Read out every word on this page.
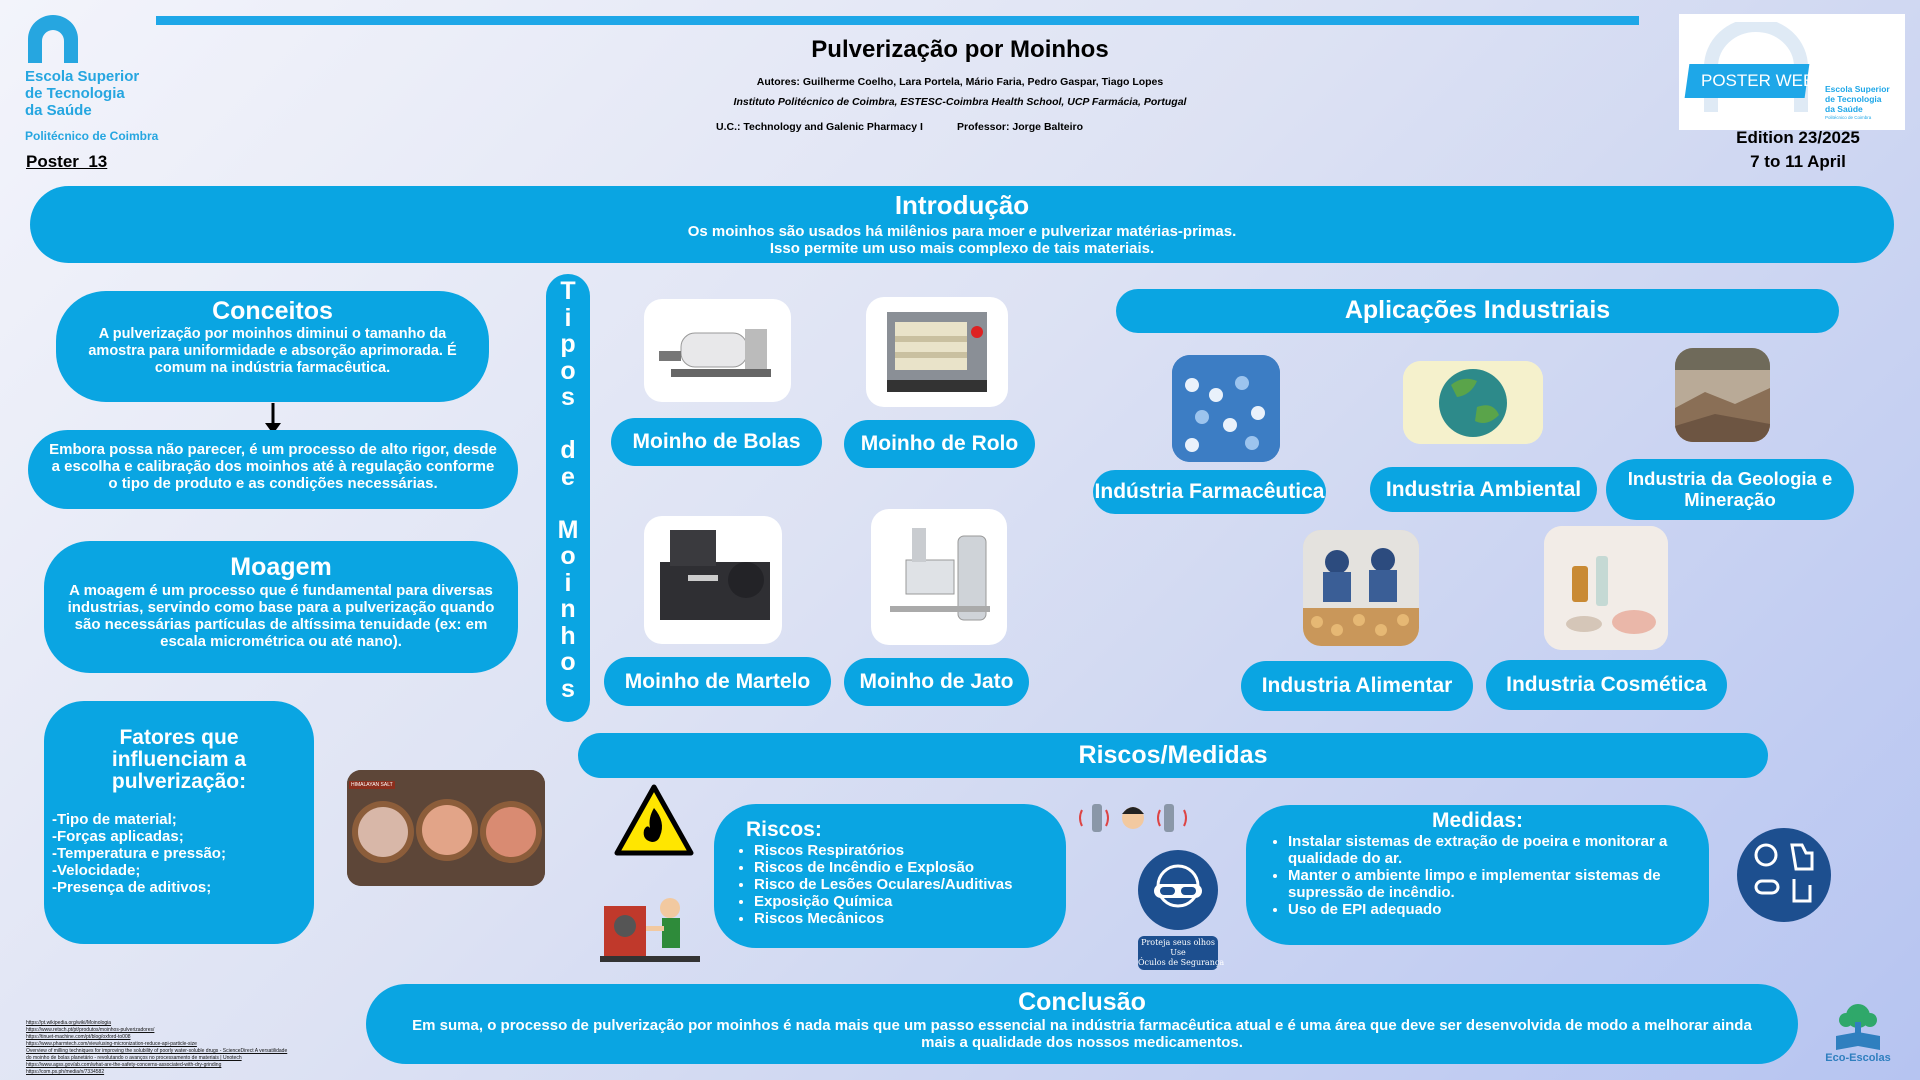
Escola Superior
de Tecnologia
da Saúde
Politécnico de Coimbra
Poster  13
Pulverização por Moinhos
Autores: Guilherme Coelho, Lara Portela, Mário Faria, Pedro Gaspar, Tiago Lopes
Instituto Politécnico de Coimbra, ESTESC-Coimbra Health School, UCP Farmácia, Portugal
U.C.: Technology and Galenic Pharmacy I	Professor: Jorge Balteiro
POSTER WEEK Escola Superior
de Tecnologia
da Saúde
Politécnico de Coimbra
Edition 23/2025
7 to 11 April
Introdução
Os moinhos são usados há milênios para moer e pulverizar matérias-primas.
Isso permite um uso mais complexo de tais materiais.
Conceitos
A pulverização por moinhos diminui o tamanho da amostra para uniformidade e absorção aprimorada. É comum na indústria farmacêutica.
Embora possa não parecer, é um processo de alto rigor, desde a escolha e calibração dos moinhos até à regulação conforme o tipo de produto e as condições necessárias.
Moagem
A moagem é um processo que é fundamental para diversas industrias, servindo como base para a pulverização quando são necessárias partículas de altíssima tenuidade (ex: em escala micrométrica ou até nano).
Fatores que influenciam a pulverização:
-Tipo de material;
-Forças aplicadas;
-Temperatura e pressão;
-Velocidade;
-Presença de aditivos;
HIMALAYAN SALT
T
i
p
o
s
d
e
M
o
i
n
h
o
s
Moinho de Bolas	Moinho de Rolo
Moinho de Martelo	Moinho de Jato
Aplicações Industriais
Indústria Farmacêutica	Industria Ambiental	Industria da Geologia e Mineração
Industria Alimentar	Industria Cosmética
Riscos/Medidas
Riscos:
• Riscos Respiratórios
• Riscos de Incêndio e Explosão
• Risco de Lesões Oculares/Auditivas
• Exposição Química
• Riscos Mecânicos
Proteja seus olhos
Use
Óculos de Segurança
Medidas:
• Instalar sistemas de extração de poeira e monitorar a qualidade do ar.
• Manter o ambiente limpo e implementar sistemas de supressão de incêndio.
• Uso de EPI adequado
Conclusão
Em suma, o processo de pulverização por moinhos é nada mais que um passo essencial na indústria farmacêutica atual e é uma área que deve ser desenvolvida de modo a melhorar ainda mais a qualidade dos nossos medicamentos.
https://pt.wikipedia.org/wiki/Moinologia
https://www.retsch.pt/pt/produtos/moinhos-pulverizadores/
https://tinuet-machine.com/pt/blog/oxford-to008
https://www.pharmtech.com/view/using-micronization-reduce-api-particle-size
Overview of milling techniques for improving the solubility of poorly water-soluble drugs - ScienceDirect A versatilidade
do moinho de bolas planetário - revolutando o avanços no processamento de materiais | Unotech
https://www.agss.gov/ab.com/what-are-the-safety-concerns-associated-with-dry-grinding
https://com.ps.ph/media/n/7334582
Eco-Escolas
